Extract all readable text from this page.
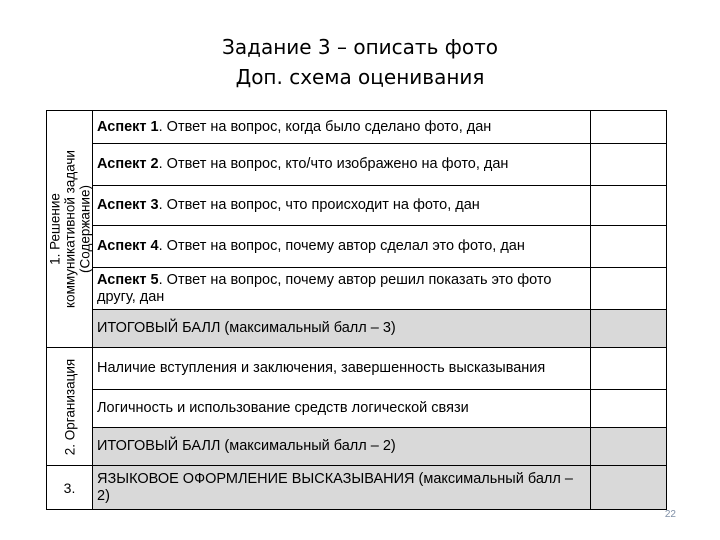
Задание 3 – описать фото
Доп. схема оценивания
1. Решение коммуникативной задачи (Содержание)	Аспект 1. Ответ на вопрос, когда было сделано фото, дан	
	Аспект 2. Ответ на вопрос, кто/что изображено на фото, дан	
	Аспект 3. Ответ на вопрос, что происходит на фото, дан	
	Аспект 4. Ответ на вопрос, почему автор сделал это фото, дан	
	Аспект 5. Ответ на вопрос, почему автор решил показать это фото другу, дан	
	ИТОГОВЫЙ БАЛЛ (максимальный балл – 3)	

2. Организация	Наличие вступления и заключения, завершенность высказывания	
	Логичность и использование средств логической связи	
	ИТОГОВЫЙ БАЛЛ (максимальный балл – 2)	
3.	ЯЗЫКОВОЕ ОФОРМЛЕНИЕ ВЫСКАЗЫВАНИЯ (максимальный балл – 2)	
22
